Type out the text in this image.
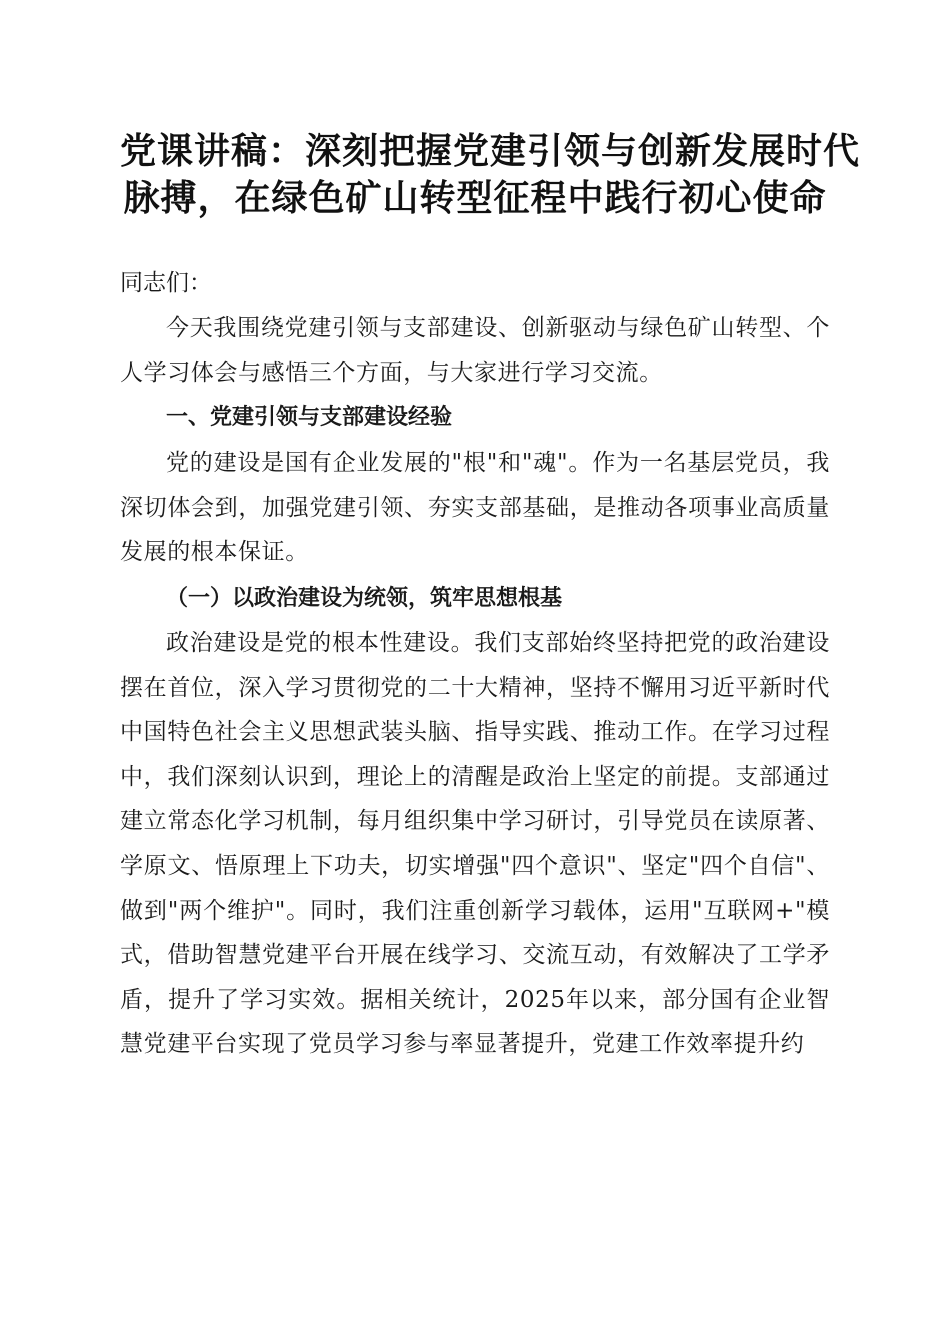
党课讲稿：深刻把握党建引领与创新发展时代
脉搏，在绿色矿山转型征程中践行初心使命

同志们：

今天我围绕党建引领与支部建设、创新驱动与绿色矿山转型、个人学习体会与感悟三个方面，与大家进行学习交流。

一、党建引领与支部建设经验

党的建设是国有企业发展的"根"和"魂"。作为一名基层党员，我深切体会到，加强党建引领、夯实支部基础，是推动各项事业高质量发展的根本保证。

（一）以政治建设为统领，筑牢思想根基

政治建设是党的根本性建设。我们支部始终坚持把党的政治建设摆在首位，深入学习贯彻党的二十大精神，坚持不懈用习近平新时代中国特色社会主义思想武装头脑、指导实践、推动工作。在学习过程中，我们深刻认识到，理论上的清醒是政治上坚定的前提。支部通过建立常态化学习机制，每月组织集中学习研讨，引导党员在读原著、学原文、悟原理上下功夫，切实增强"四个意识"、坚定"四个自信"、做到"两个维护"。同时，我们注重创新学习载体，运用"互联网+"模式，借助智慧党建平台开展在线学习、交流互动，有效解决了工学矛盾，提升了学习实效。据相关统计，2025年以来，部分国有企业智慧党建平台实现了党员学习参与率显著提升，党建工作效率提升约
